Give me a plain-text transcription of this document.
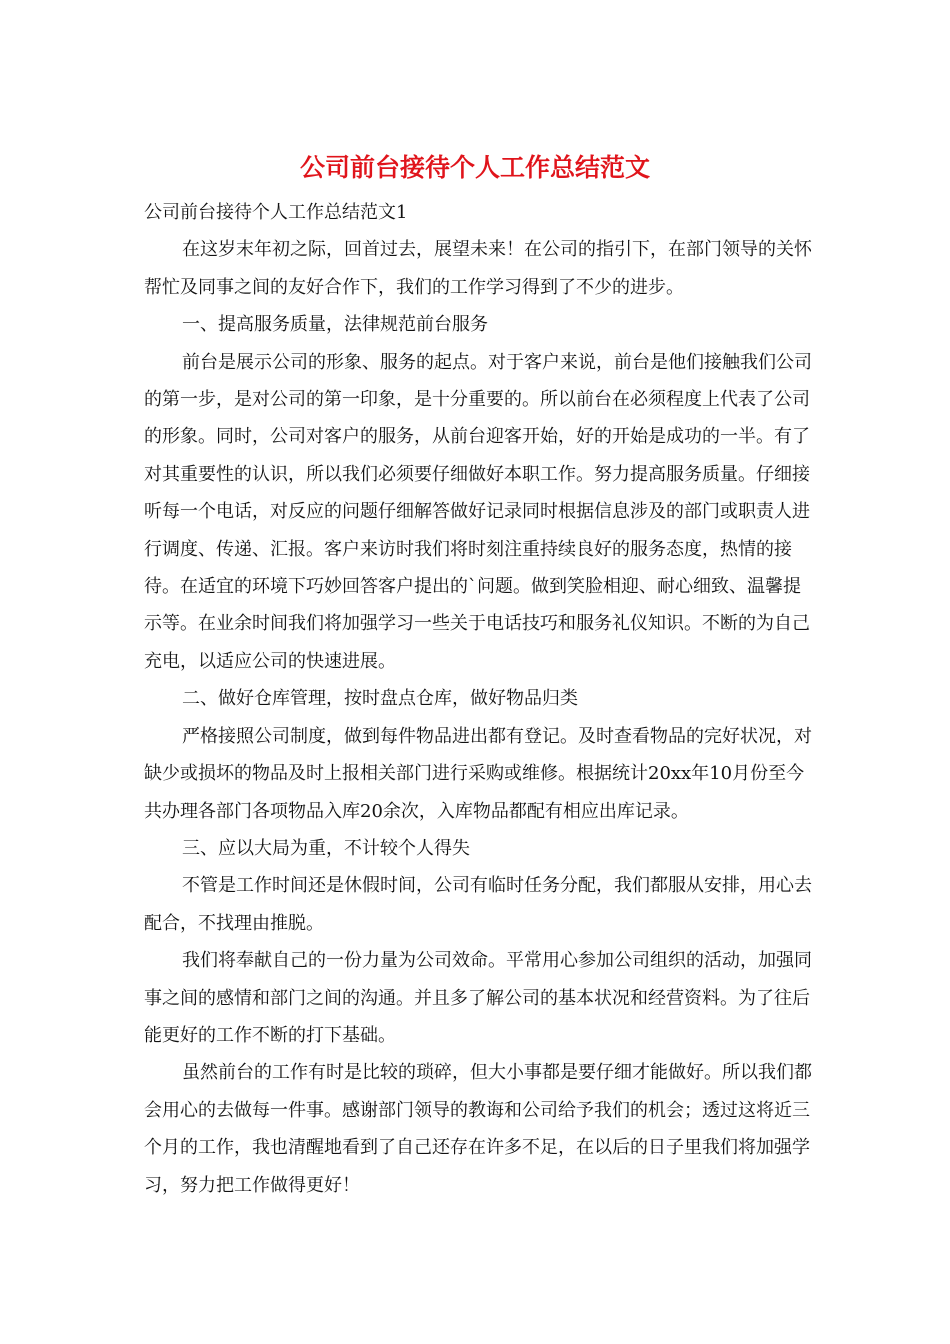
公司前台接待个人工作总结范文

公司前台接待个人工作总结范文1

在这岁末年初之际，回首过去，展望未来！在公司的指引下，在部门领导的关怀帮忙及同事之间的友好合作下，我们的工作学习得到了不少的进步。

一、提高服务质量，法律规范前台服务

前台是展示公司的形象、服务的起点。对于客户来说，前台是他们接触我们公司的第一步，是对公司的第一印象，是十分重要的。所以前台在必须程度上代表了公司的形象。同时，公司对客户的服务，从前台迎客开始，好的开始是成功的一半。有了对其重要性的认识，所以我们必须要仔细做好本职工作。努力提高服务质量。仔细接听每一个电话，对反应的问题仔细解答做好记录同时根据信息涉及的部门或职责人进行调度、传递、汇报。客户来访时我们将时刻注重持续良好的服务态度，热情的接待。在适宜的环境下巧妙回答客户提出的`问题。做到笑脸相迎、耐心细致、温馨提示等。在业余时间我们将加强学习一些关于电话技巧和服务礼仪知识。不断的为自己充电，以适应公司的快速进展。

二、做好仓库管理，按时盘点仓库，做好物品归类

严格接照公司制度，做到每件物品进出都有登记。及时查看物品的完好状况，对缺少或损坏的物品及时上报相关部门进行采购或维修。根据统计20xx年10月份至今共办理各部门各项物品入库20余次，入库物品都配有相应出库记录。

三、应以大局为重，不计较个人得失

不管是工作时间还是休假时间，公司有临时任务分配，我们都服从安排，用心去配合，不找理由推脱。

我们将奉献自己的一份力量为公司效命。平常用心参加公司组织的活动，加强同事之间的感情和部门之间的沟通。并且多了解公司的基本状况和经营资料。为了往后能更好的工作不断的打下基础。

虽然前台的工作有时是比较的琐碎，但大小事都是要仔细才能做好。所以我们都会用心的去做每一件事。感谢部门领导的教诲和公司给予我们的机会；透过这将近三个月的工作，我也清醒地看到了自己还存在许多不足，在以后的日子里我们将加强学习，努力把工作做得更好！
